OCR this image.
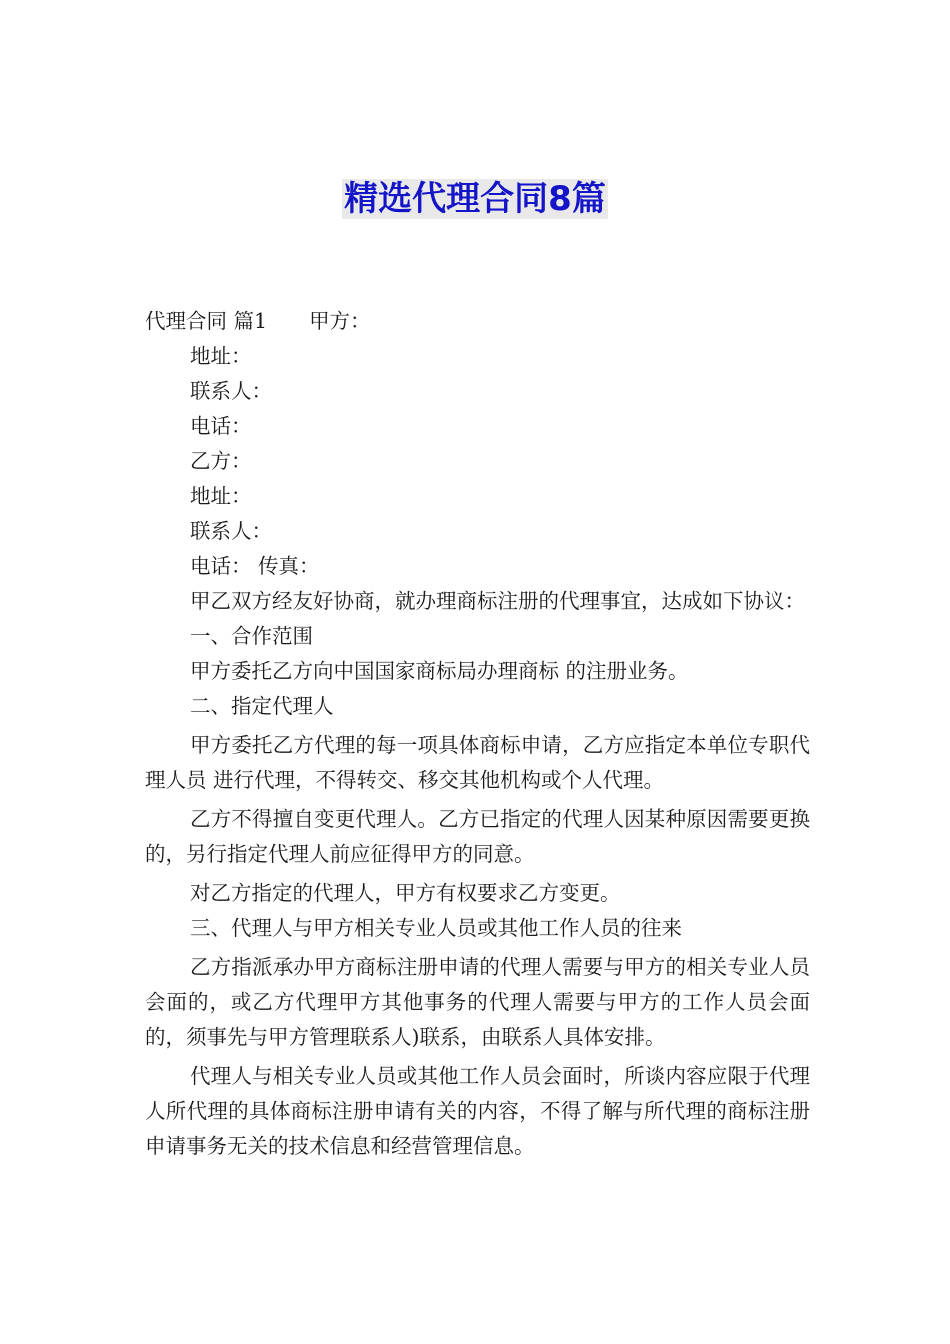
精选代理合同8篇

代理合同 篇1 甲方：

地址：

联系人：

电话：

乙方：

地址：

联系人：

电话： 传真：

甲乙双方经友好协商，就办理商标注册的代理事宜，达成如下协议：

一、合作范围

甲方委托乙方向中国国家商标局办理商标 的注册业务。

二、指定代理人

甲方委托乙方代理的每一项具体商标申请，乙方应指定本单位专职代理人员 进行代理，不得转交、移交其他机构或个人代理。

乙方不得擅自变更代理人。乙方已指定的代理人因某种原因需要更换的，另行指定代理人前应征得甲方的同意。

对乙方指定的代理人，甲方有权要求乙方变更。

三、代理人与甲方相关专业人员或其他工作人员的往来

乙方指派承办甲方商标注册申请的代理人需要与甲方的相关专业人员会面的，或乙方代理甲方其他事务的代理人需要与甲方的工作人员会面的，须事先与甲方管理联系人)联系，由联系人具体安排。

代理人与相关专业人员或其他工作人员会面时，所谈内容应限于代理人所代理的具体商标注册申请有关的内容，不得了解与所代理的商标注册申请事务无关的技术信息和经营管理信息。
